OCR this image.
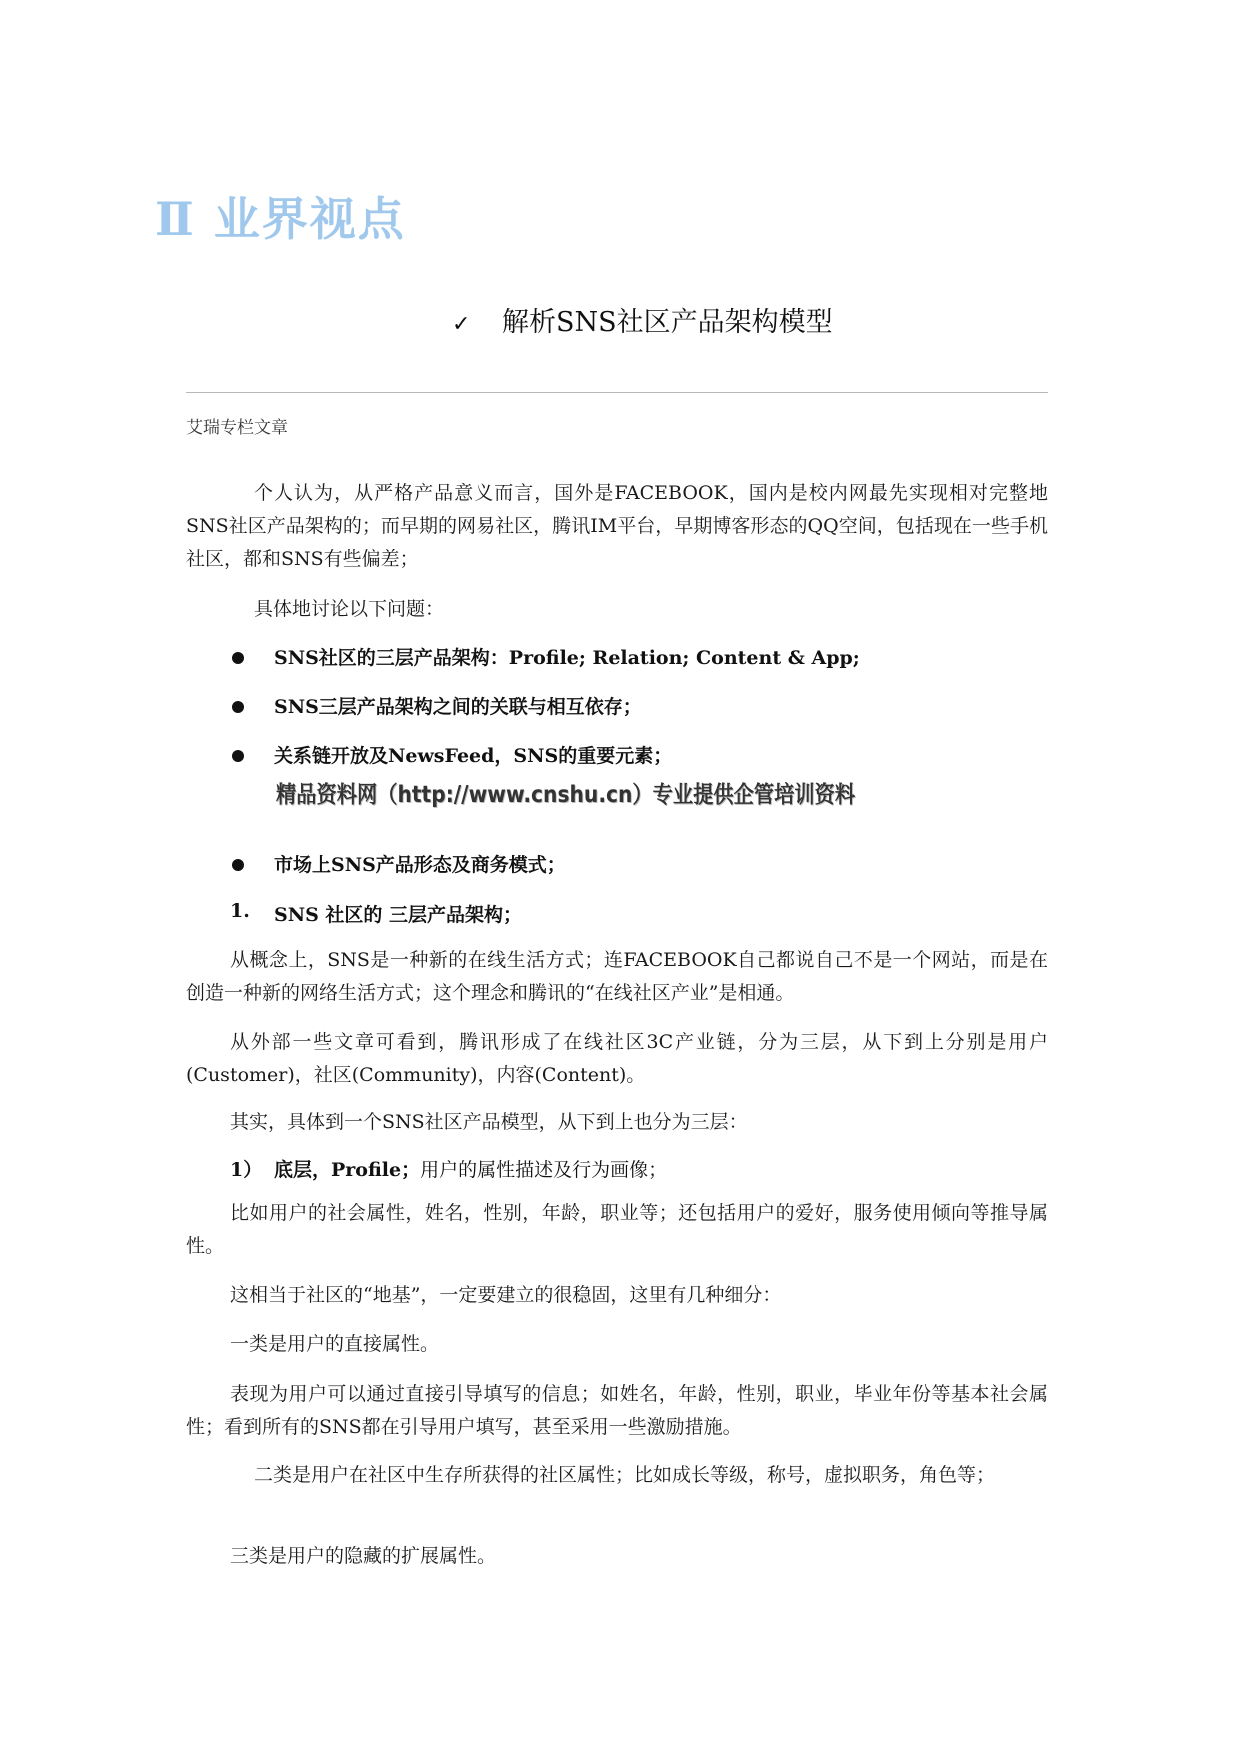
Ⅱ 业界视点
✓ 解析SNS社区产品架构模型
艾瑞专栏文章

个人认为，从严格产品意义而言，国外是FACEBOOK，国内是校内网最先实现相对完整地SNS社区产品架构的；而早期的网易社区，腾讯IM平台，早期博客形态的QQ空间，包括现在一些手机社区，都和SNS有些偏差；

具体地讨论以下问题：

SNS社区的三层产品架构：Profile; Relation; Content & App;
SNS三层产品架构之间的关联与相互依存；
关系链开放及NewsFeed，SNS的重要元素；
精品资料网（http://www.cnshu.cn）专业提供企管培训资料
市场上SNS产品形态及商务模式；
1. SNS 社区的 三层产品架构；

从概念上，SNS是一种新的在线生活方式；连FACEBOOK自己都说自己不是一个网站，而是在创造一种新的网络生活方式；这个理念和腾讯的“在线社区产业”是相通。

从外部一些文章可看到，腾讯形成了在线社区3C产业链，分为三层，从下到上分别是用户(Customer)，社区(Community)，内容(Content)。

其实，具体到一个SNS社区产品模型，从下到上也分为三层：

1） 底层，Profile；用户的属性描述及行为画像；

比如用户的社会属性，姓名，性别，年龄，职业等；还包括用户的爱好，服务使用倾向等推导属性。

这相当于社区的“地基”，一定要建立的很稳固，这里有几种细分：

一类是用户的直接属性。

表现为用户可以通过直接引导填写的信息；如姓名，年龄，性别，职业，毕业年份等基本社会属性；看到所有的SNS都在引导用户填写，甚至采用一些激励措施。

二类是用户在社区中生存所获得的社区属性；比如成长等级，称号，虚拟职务，角色等；

三类是用户的隐藏的扩展属性。
